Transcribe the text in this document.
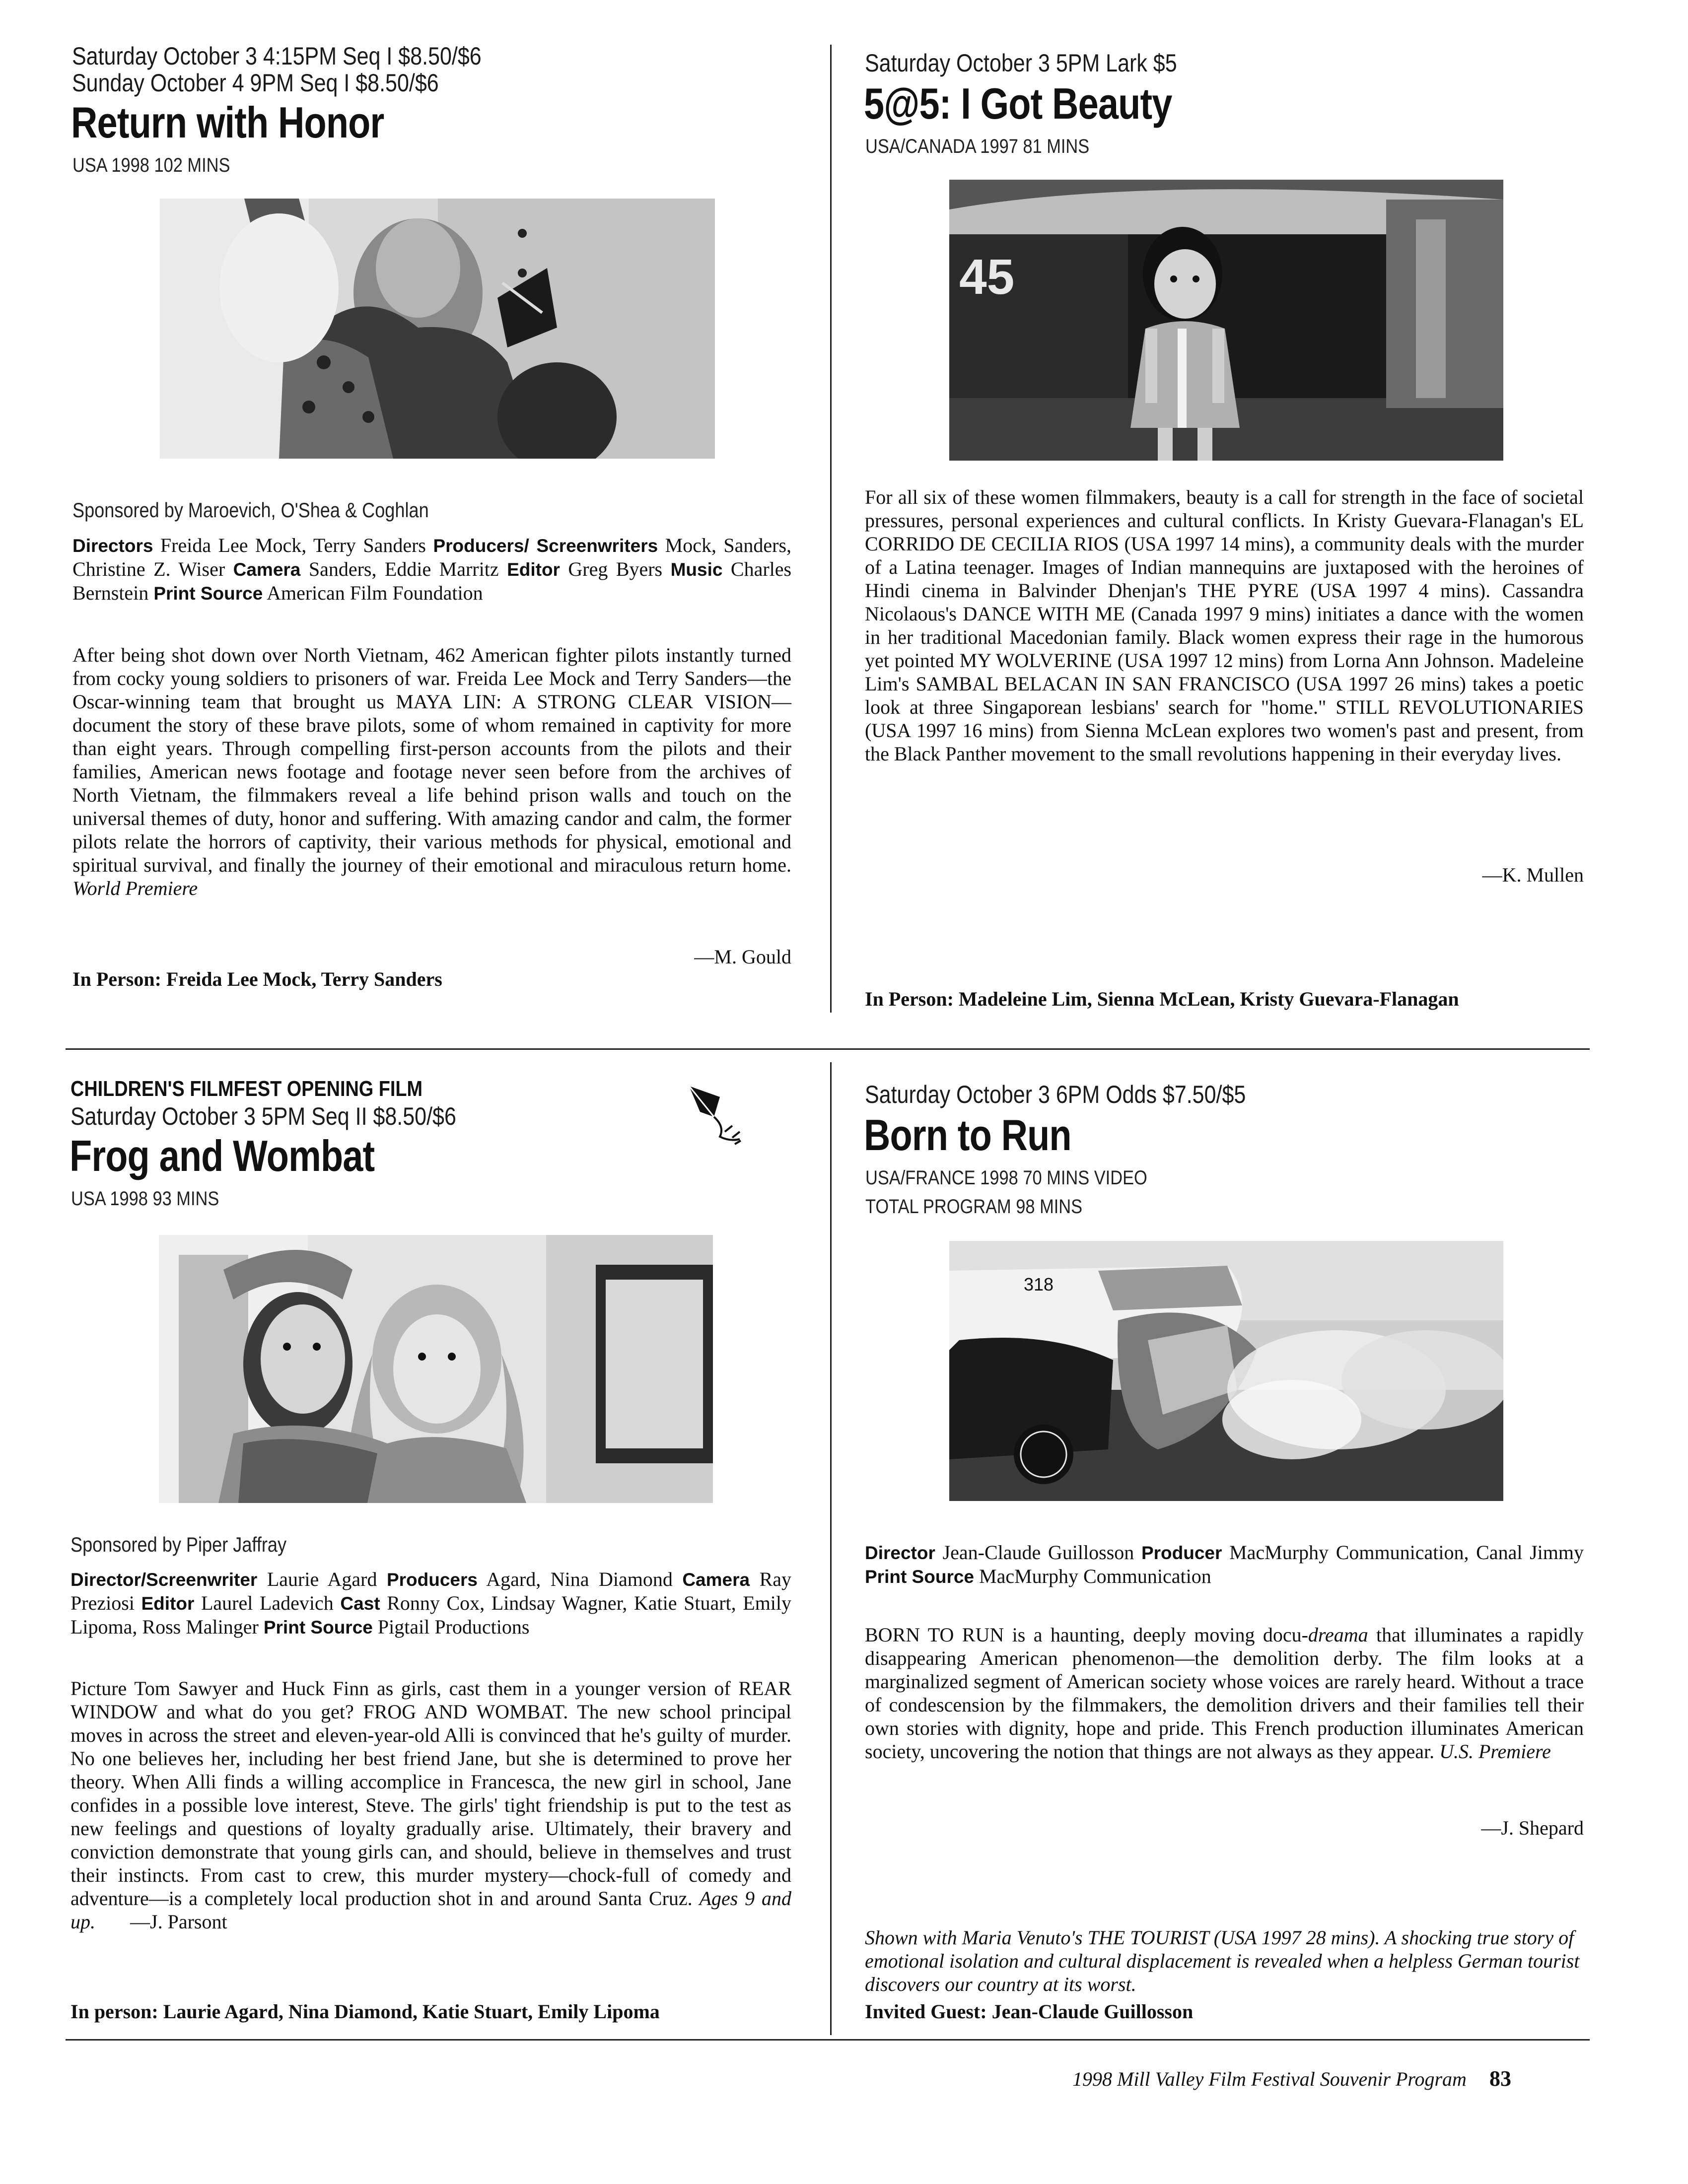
Saturday October 3 4:15PM Seq I $8.50/$6
Sunday October 4 9PM Seq I $8.50/$6
Return with Honor
USA 1998 102 MINS
Sponsored by Maroevich, O'Shea & Coghlan
Directors Freida Lee Mock, Terry Sanders Producers/ Screenwriters Mock, Sanders, Christine Z. Wiser Camera Sanders, Eddie Marritz Editor Greg Byers Music Charles Bernstein Print Source American Film Foundation
After being shot down over North Vietnam, 462 American fighter pilots instantly turned from cocky young soldiers to prisoners of war. Freida Lee Mock and Terry Sanders—the Oscar-winning team that brought us MAYA LIN: A STRONG CLEAR VISION—document the story of these brave pilots, some of whom remained in captivity for more than eight years. Through compelling first-person accounts from the pilots and their families, American news footage and footage never seen before from the archives of North Vietnam, the filmmakers reveal a life behind prison walls and touch on the universal themes of duty, honor and suffering. With amazing candor and calm, the former pilots relate the horrors of captivity, their various methods for physical, emotional and spiritual survival, and finally the journey of their emotional and miraculous return home. World Premiere
—M. Gould
In Person: Freida Lee Mock, Terry Sanders
Saturday October 3 5PM Lark $5
5@5: I Got Beauty
USA/CANADA 1997 81 MINS
45
For all six of these women filmmakers, beauty is a call for strength in the face of societal pressures, personal experiences and cultural conflicts. In Kristy Guevara-Flanagan's EL CORRIDO DE CECILIA RIOS (USA 1997 14 mins), a community deals with the murder of a Latina teenager. Images of Indian mannequins are juxtaposed with the heroines of Hindi cinema in Balvinder Dhenjan's THE PYRE (USA 1997 4 mins). Cassandra Nicolaous's DANCE WITH ME (Canada 1997 9 mins) initiates a dance with the women in her traditional Macedonian family. Black women express their rage in the humorous yet pointed MY WOLVERINE (USA 1997 12 mins) from Lorna Ann Johnson. Madeleine Lim's SAMBAL BELACAN IN SAN FRANCISCO (USA 1997 26 mins) takes a poetic look at three Singaporean lesbians' search for "home." STILL REVOLUTIONARIES (USA 1997 16 mins) from Sienna McLean explores two women's past and present, from the Black Panther movement to the small revolutions happening in their everyday lives.
—K. Mullen
In Person: Madeleine Lim, Sienna McLean, Kristy Guevara-Flanagan
CHILDREN'S FILMFEST OPENING FILM
Saturday October 3 5PM Seq II $8.50/$6
Frog and Wombat
USA 1998 93 MINS
Sponsored by Piper Jaffray
Director/Screenwriter Laurie Agard Producers Agard, Nina Diamond Camera Ray Preziosi Editor Laurel Ladevich Cast Ronny Cox, Lindsay Wagner, Katie Stuart, Emily Lipoma, Ross Malinger Print Source Pigtail Productions
Picture Tom Sawyer and Huck Finn as girls, cast them in a younger version of REAR WINDOW and what do you get? FROG AND WOMBAT. The new school principal moves in across the street and eleven-year-old Alli is convinced that he's guilty of murder. No one believes her, including her best friend Jane, but she is determined to prove her theory. When Alli finds a willing accomplice in Francesca, the new girl in school, Jane confides in a possible love interest, Steve. The girls' tight friendship is put to the test as new feelings and questions of loyalty gradually arise. Ultimately, their bravery and conviction demonstrate that young girls can, and should, believe in themselves and trust their instincts. From cast to crew, this murder mystery—chock-full of comedy and adventure—is a completely local production shot in and around Santa Cruz. Ages 9 and up. —J. Parsont
In person: Laurie Agard, Nina Diamond, Katie Stuart, Emily Lipoma
Saturday October 3 6PM Odds $7.50/$5
Born to Run
USA/FRANCE 1998 70 MINS VIDEO
TOTAL PROGRAM 98 MINS
318
Director Jean-Claude Guillosson Producer MacMurphy Communication, Canal Jimmy Print Source MacMurphy Communication
BORN TO RUN is a haunting, deeply moving docu-dreama that illuminates a rapidly disappearing American phenomenon—the demolition derby. The film looks at a marginalized segment of American society whose voices are rarely heard. Without a trace of condescension by the filmmakers, the demolition drivers and their families tell their own stories with dignity, hope and pride. This French production illuminates American society, uncovering the notion that things are not always as they appear. U.S. Premiere
—J. Shepard
Shown with Maria Venuto's THE TOURIST (USA 1997 28 mins). A shocking true story of emotional isolation and cultural displacement is revealed when a helpless German tourist discovers our country at its worst.
Invited Guest: Jean-Claude Guillosson
1998 Mill Valley Film Festival Souvenir Program 83
